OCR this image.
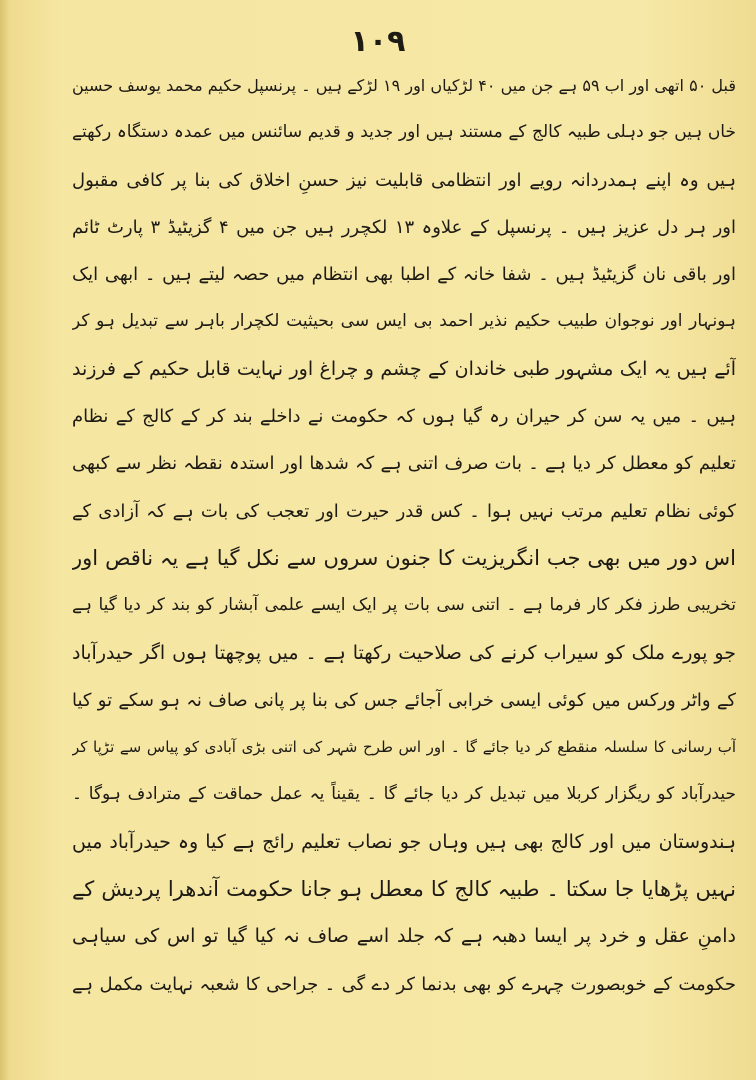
۱۰۹
قبل ۵۰ اتھی اور اب ۵۹ ہے جن میں ۴۰ لڑکیاں اور ۱۹ لڑکے ہیں ۔ پرنسپل حکیم محمد یوسف حسین
خاں ہیں جو دہلی طبیہ کالج کے مستند ہیں اور جدید و قدیم سائنس میں عمدہ دستگاہ رکھتے
ہیں وہ اپنے ہمدردانہ رویے اور انتظامی قابلیت نیز حسنِ اخلاق کی بنا پر کافی مقبول
اور ہر دل عزیز ہیں ۔ پرنسپل کے علاوہ ۱۳ لکچرر ہیں جن میں ۴ گزیٹیڈ ۳ پارٹ ٹائم
اور باقی نان گزیٹیڈ ہیں ۔ شفا خانہ کے اطبا بھی انتظام میں حصہ لیتے ہیں ۔ ابھی ایک
ہونہار اور نوجوان طبیب حکیم نذیر احمد بی ایس سی بحیثیت لکچرار باہر سے تبدیل ہو کر
آئے ہیں یہ ایک مشہور طبی خاندان کے چشم و چراغ اور نہایت قابل حکیم کے فرزند
ہیں ۔ میں یہ سن کر حیران رہ گیا ہوں کہ حکومت نے داخلے بند کر کے کالج کے نظام
تعلیم کو معطل کر دیا ہے ۔ بات صرف اتنی ہے کہ شدھا اور استدہ نقطہ نظر سے کبھی
کوئی نظام تعلیم مرتب نہیں ہوا ۔ کس قدر حیرت اور تعجب کی بات ہے کہ آزادی کے
اس دور میں بھی جب انگریزیت کا جنون سروں سے نکل گیا ہے یہ ناقص اور
تخریبی طرز فکر کار فرما ہے ۔ اتنی سی بات پر ایک ایسے علمی آبشار کو بند کر دیا گیا ہے
جو پورے ملک کو سیراب کرنے کی صلاحیت رکھتا ہے ۔ میں پوچھتا ہوں اگر حیدرآباد
کے واٹر ورکس میں کوئی ایسی خرابی آجائے جس کی بنا پر پانی صاف نہ ہو سکے تو کیا
آب رسانی کا سلسلہ منقطع کر دیا جائے گا ۔ اور اس طرح شہر کی اتنی بڑی آبادی کو پیاس سے تڑپا کر
حیدرآباد کو ریگزار کربلا میں تبدیل کر دیا جائے گا ۔ یقیناً یہ عمل حماقت کے مترادف ہوگا ۔
ہندوستان میں اور کالج بھی ہیں وہاں جو نصاب تعلیم رائج ہے کیا وہ حیدرآباد میں
نہیں پڑھایا جا سکتا ۔ طبیہ کالج کا معطل ہو جانا حکومت آندھرا پردیش کے
دامنِ عقل و خرد پر ایسا دھبہ ہے کہ جلد اسے صاف نہ کیا گیا تو اس کی سیاہی
حکومت کے خوبصورت چہرے کو بھی بدنما کر دے گی ۔ جراحی کا شعبہ نہایت مکمل ہے
